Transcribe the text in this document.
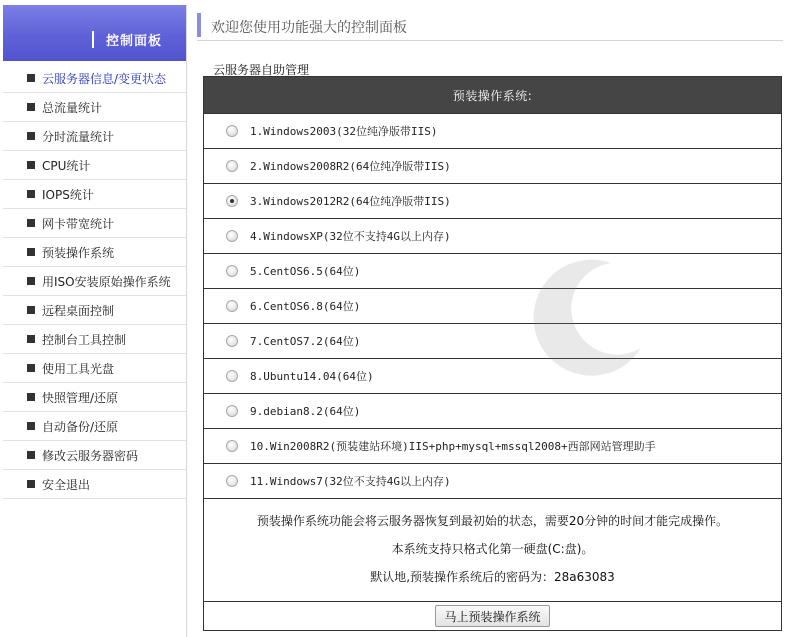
控制面板
云服务器信息/变更状态
总流量统计
分时流量统计
CPU统计
IOPS统计
网卡带宽统计
预装操作系统
用ISO安装原始操作系统
远程桌面控制
控制台工具控制
使用工具光盘
快照管理/还原
自动备份/还原
修改云服务器密码
安全退出
欢迎您使用功能强大的控制面板
云服务器自助管理
预装操作系统:
1.Windows2003(32位纯净版带IIS)
2.Windows2008R2(64位纯净版带IIS)
3.Windows2012R2(64位纯净版带IIS)
4.WindowsXP(32位不支持4G以上内存)
5.CentOS6.5(64位)
6.CentOS6.8(64位)
7.CentOS7.2(64位)
8.Ubuntu14.04(64位)
9.debian8.2(64位)
10.Win2008R2(预装建站环境)IIS+php+mysql+mssql2008+西部网站管理助手
11.Windows7(32位不支持4G以上内存)

预装操作系统功能会将云服务器恢复到最初始的状态，需要20分钟的时间才能完成操作。

本系统支持只格式化第一硬盘(C:盘)。

默认地,预装操作系统后的密码为：28a63083

马上预装操作系统
